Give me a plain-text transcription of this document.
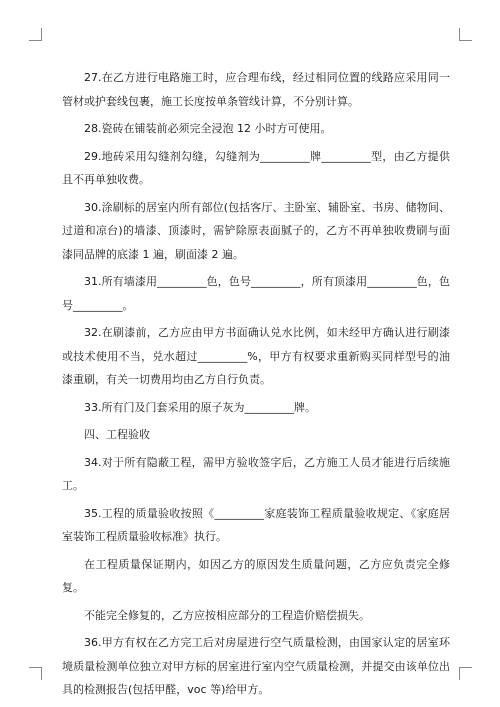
27.在乙方进行电路施工时，应合理布线，经过相同位置的线路应采用同一管材或护套线包裹，施工长度按单条管线计算，不分别计算。

28.瓷砖在铺装前必须完全浸泡 12 小时方可使用。

29.地砖采用勾缝剂勾缝，勾缝剂为_________牌_________型，由乙方提供且不再单独收费。

30.涂刷标的居室内所有部位(包括客厅、主卧室、辅卧室、书房、储物间、过道和凉台)的墙漆、顶漆时，需铲除原表面腻子的，乙方不再单独收费刷与面漆同品牌的底漆 1 遍，刷面漆 2 遍。

31.所有墙漆用_________色，色号_________，所有顶漆用_________色，色号_________。

32.在刷漆前，乙方应由甲方书面确认兑水比例，如未经甲方确认进行刷漆或技术使用不当，兑水超过_________%，甲方有权要求重新购买同样型号的油漆重刷，有关一切费用均由乙方自行负责。

33.所有门及门套采用的原子灰为_________牌。

四、工程验收

34.对于所有隐蔽工程，需甲方验收签字后，乙方施工人员才能进行后续施工。

35.工程的质量验收按照《_________家庭装饰工程质量验收规定、《家庭居室装饰工程质量验收标准》执行。

在工程质量保证期内，如因乙方的原因发生质量问题，乙方应负责完全修复。

不能完全修复的，乙方应按相应部分的工程造价赔偿损失。

36.甲方有权在乙方完工后对房屋进行空气质量检测，由国家认定的居室环境质量检测单位独立对甲方标的居室进行室内空气质量检测，并提交由该单位出具的检测报告(包括甲醛，voc 等)给甲方。
